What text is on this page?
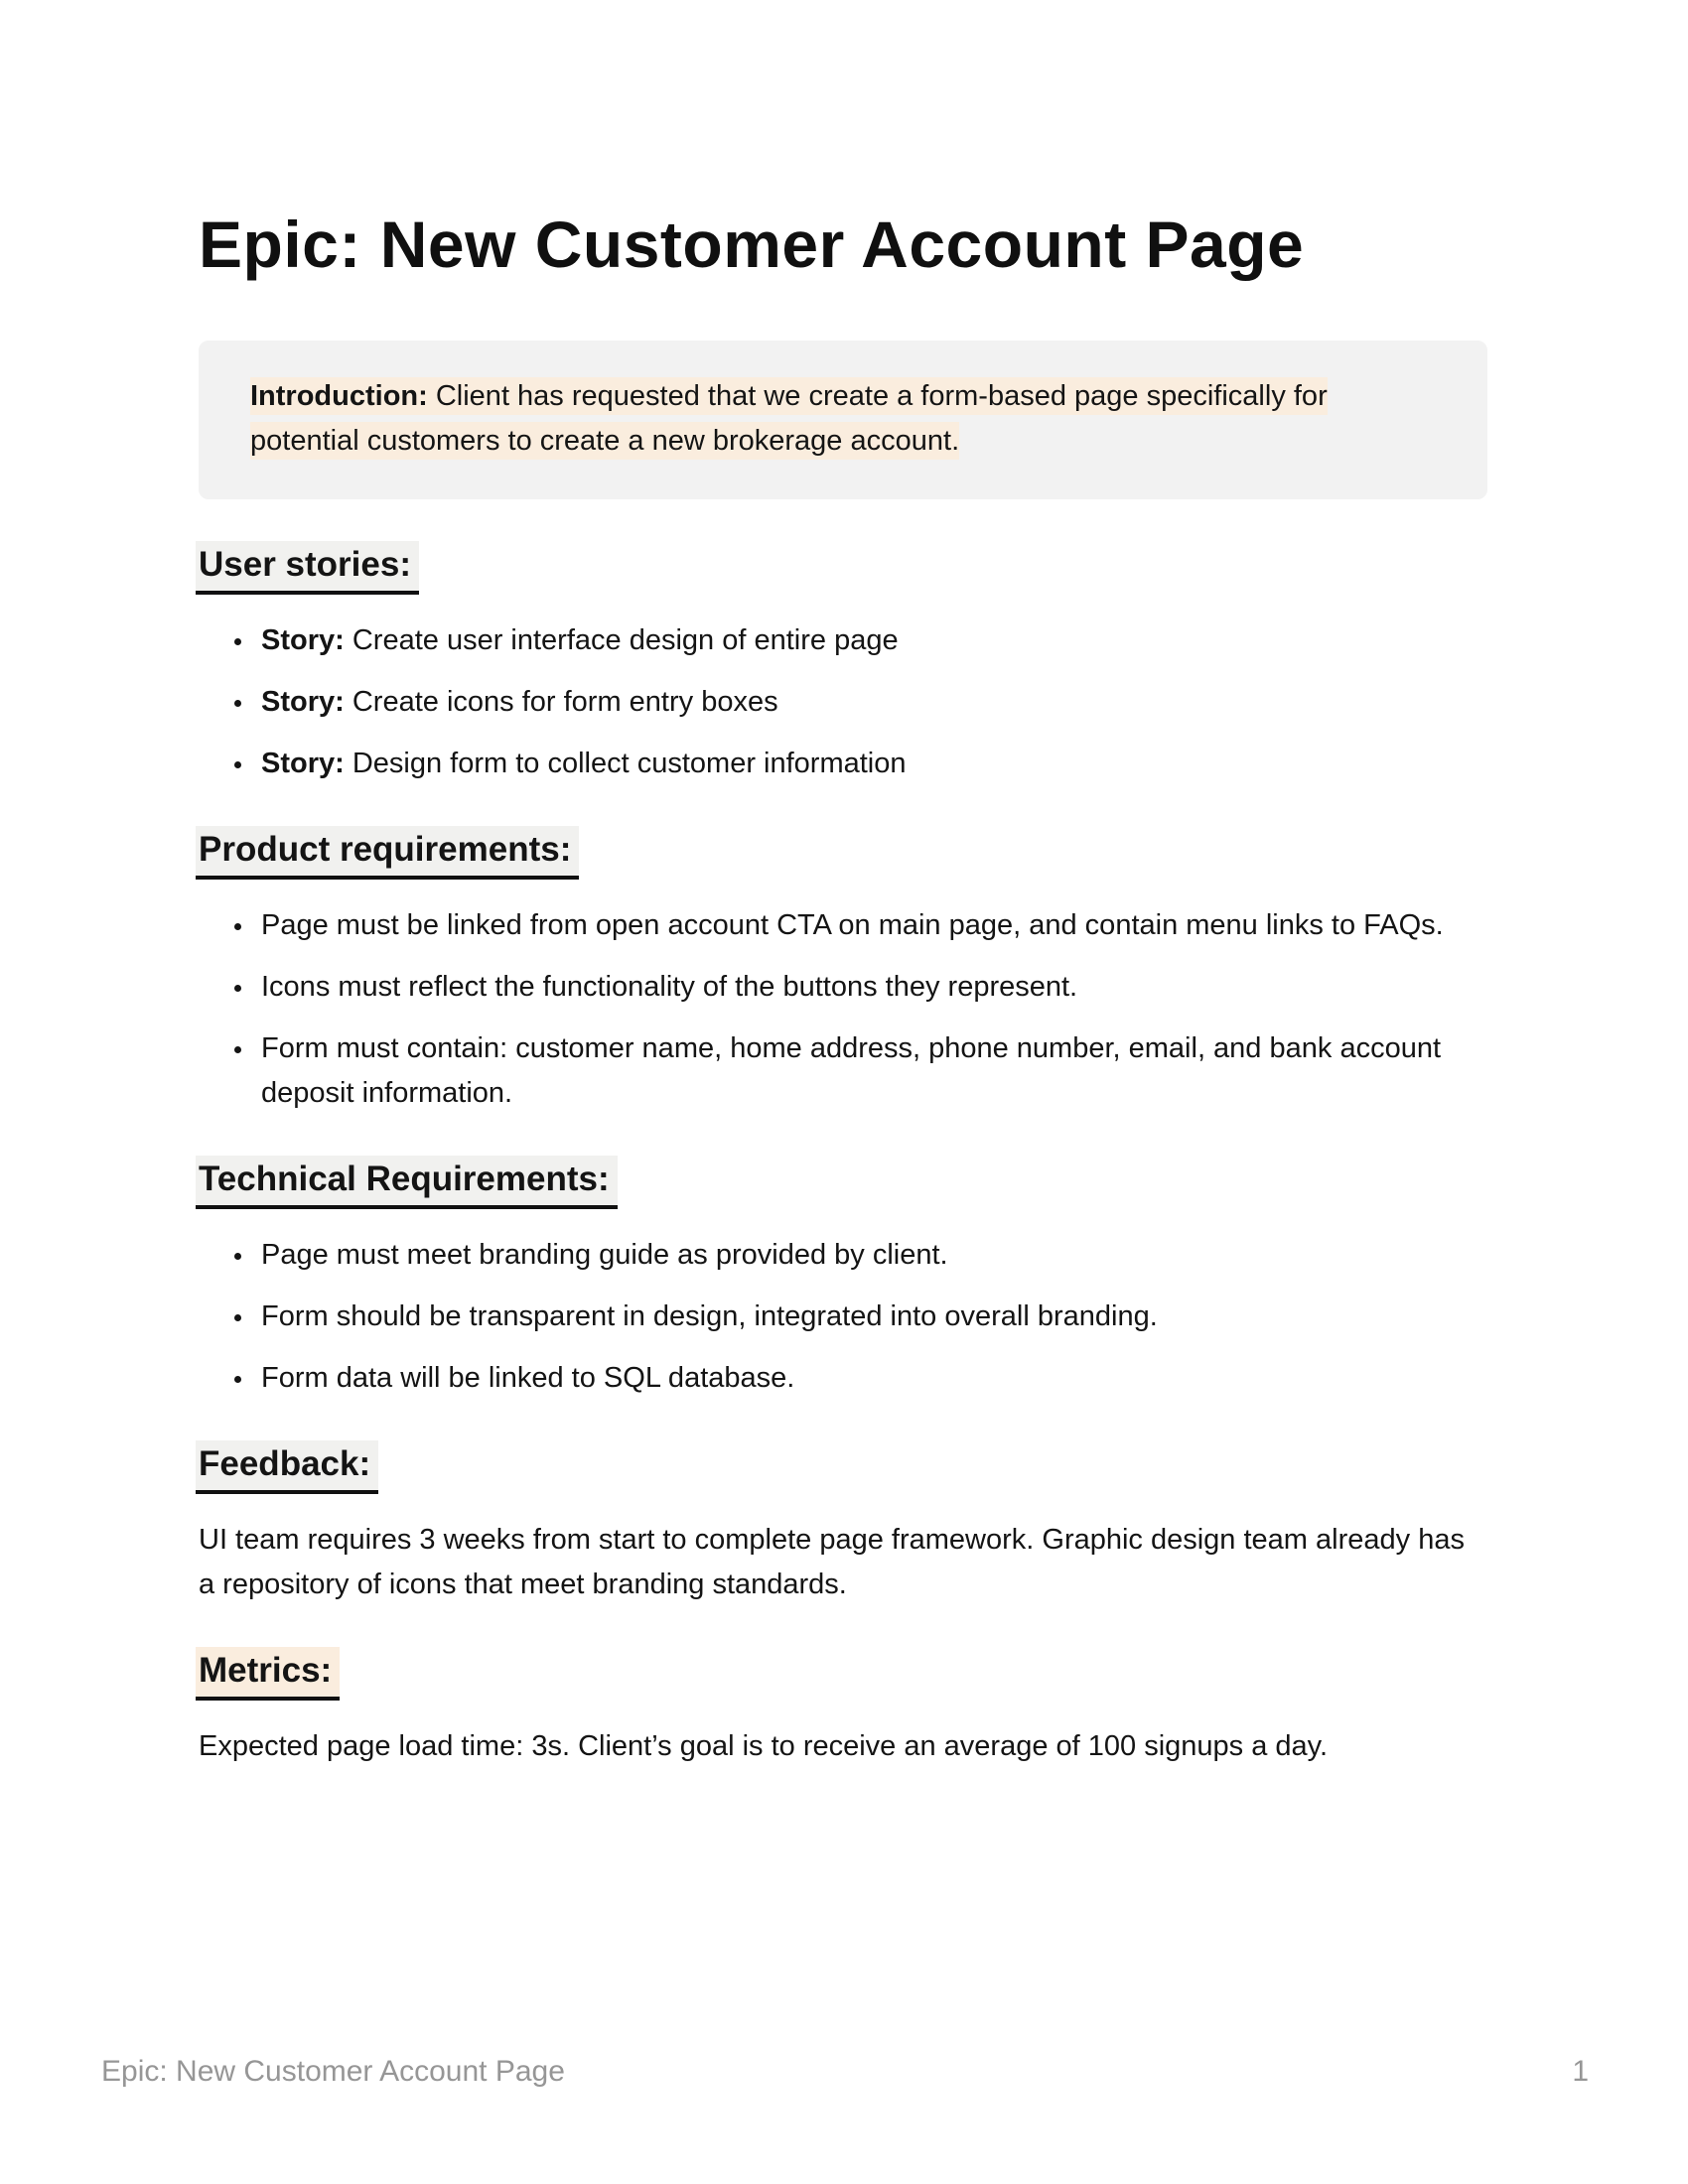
Epic: New Customer Account Page

Introduction: Client has requested that we create a form-based page specifically for potential customers to create a new brokerage account.

User stories:
• Story: Create user interface design of entire page
• Story: Create icons for form entry boxes
• Story: Design form to collect customer information
Product requirements:
• Page must be linked from open account CTA on main page, and contain menu links to FAQs.
• Icons must reflect the functionality of the buttons they represent.
• Form must contain: customer name, home address, phone number, email, and bank account deposit information.
Technical Requirements:
• Page must meet branding guide as provided by client.
• Form should be transparent in design, integrated into overall branding.
• Form data will be linked to SQL database.
Feedback:

UI team requires 3 weeks from start to complete page framework. Graphic design team already has a repository of icons that meet branding standards.

Metrics:

Expected page load time: 3s. Client’s goal is to receive an average of 100 signups a day.

Epic: New Customer Account Page	1
